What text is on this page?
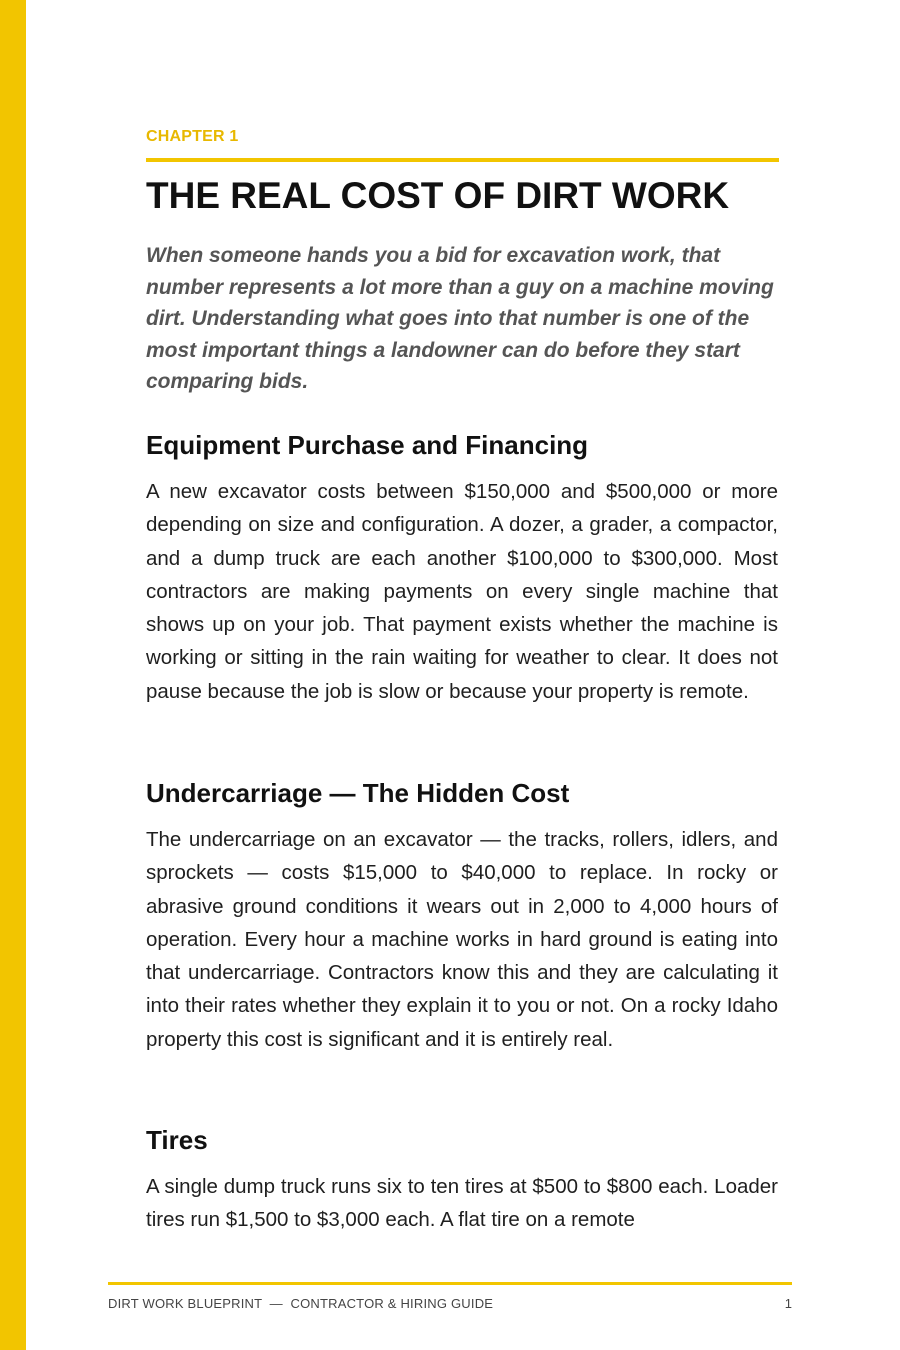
CHAPTER 1
THE REAL COST OF DIRT WORK

When someone hands you a bid for excavation work, that number represents a lot more than a guy on a machine moving dirt. Understanding what goes into that number is one of the most important things a landowner can do before they start comparing bids.

Equipment Purchase and Financing

A new excavator costs between $150,000 and $500,000 or more depending on size and configuration. A dozer, a grader, a compactor, and a dump truck are each another $100,000 to $300,000. Most contractors are making payments on every single machine that shows up on your job. That payment exists whether the machine is working or sitting in the rain waiting for weather to clear. It does not pause because the job is slow or because your property is remote.

Undercarriage — The Hidden Cost

The undercarriage on an excavator — the tracks, rollers, idlers, and sprockets — costs $15,000 to $40,000 to replace. In rocky or abrasive ground conditions it wears out in 2,000 to 4,000 hours of operation. Every hour a machine works in hard ground is eating into that undercarriage. Contractors know this and they are calculating it into their rates whether they explain it to you or not. On a rocky Idaho property this cost is significant and it is entirely real.

Tires

A single dump truck runs six to ten tires at $500 to $800 each. Loader tires run $1,500 to $3,000 each. A flat tire on a remote

DIRT WORK BLUEPRINT  —  CONTRACTOR & HIRING GUIDE	1
